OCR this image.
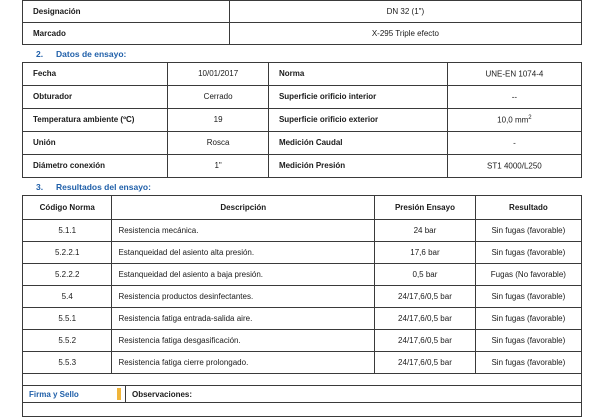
Designación	DN 32 (1")
Marcado	X-295 Triple efecto
2.	Datos de ensayo:
Fecha	10/01/2017	Norma	UNE-EN 1074-4
Obturador	Cerrado	Superficie orificio interior	--
Temperatura ambiente (ºC)	19	Superficie orificio exterior	10,0 $mm^2$
Unión	Rosca	Medición Caudal	-
Diámetro conexión	1"	Medición Presión	ST1 4000/L250
3.	Resultados del ensayo:
Código Norma	Descripción	Presión Ensayo	Resultado
5.1.1	Resistencia mecánica.	24 bar	Sin fugas (favorable)
5.2.2.1	Estanqueidad del asiento alta presión.	17,6 bar	Sin fugas (favorable)
5.2.2.2	Estanqueidad del asiento a baja presión.	0,5 bar	Fugas (No favorable)
5.4	Resistencia productos desinfectantes.	24/17,6/0,5 bar	Sin fugas (favorable)
5.5.1	Resistencia fatiga entrada-salida aire.	24/17,6/0,5 bar	Sin fugas (favorable)
5.5.2	Resistencia fatiga desgasificación.	24/17,6/0,5 bar	Sin fugas (favorable)
5.5.3	Resistencia fatiga cierre prolongado.	24/17,6/0,5 bar	Sin fugas (favorable)
Firma y Sello	Observaciones:
